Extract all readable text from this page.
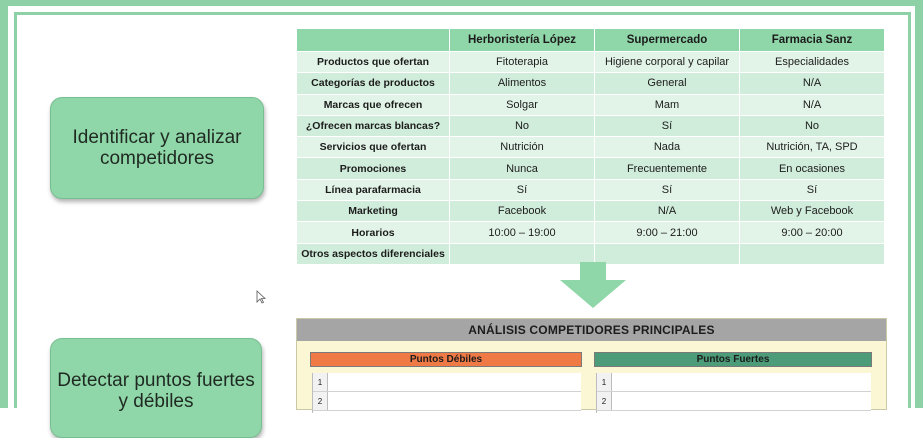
Identificar y analizar
competidores
	Herboristería López	Supermercado	Farmacia Sanz
Productos que ofertan	Fitoterapia	Higiene corporal y capilar	Especialidades
Categorías de productos	Alimentos	General	N/A
Marcas que ofrecen	Solgar	Mam	N/A
¿Ofrecen marcas blancas?	No	Sí	No
Servicios que ofertan	Nutrición	Nada	Nutrición, TA, SPD
Promociones	Nunca	Frecuentemente	En ocasiones
Línea parafarmacia	Sí	Sí	Sí
Marketing	Facebook	N/A	Web y Facebook
Horarios	10:00 – 19:00	9:00 – 21:00	9:00 – 20:00
Otros aspectos diferenciales			
Detectar puntos fuertes
y débiles
ANÁLISIS COMPETIDORES PRINCIPALES
Puntos Débiles	Puntos Fuertes
1
2
1
2
